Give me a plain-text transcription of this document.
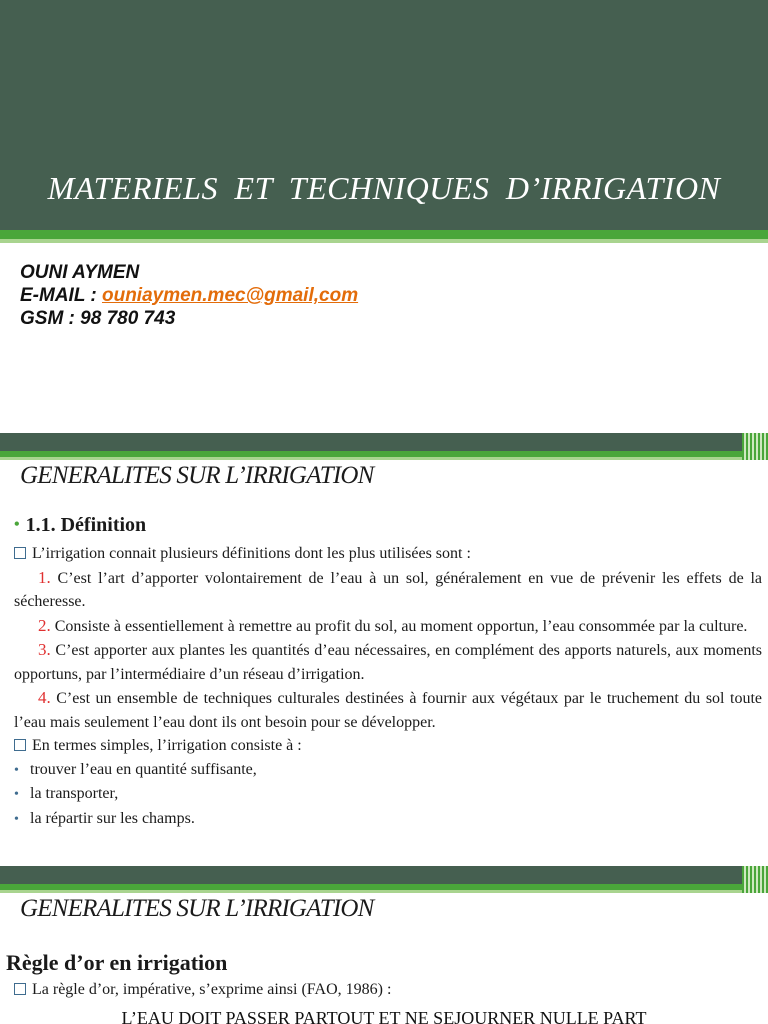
MATERIELS ET TECHNIQUES D’IRRIGATION
OUNI AYMEN
E-MAIL : ouniaymen.mec@gmail,com
GSM : 98 780 743
GENERALITES SUR L’IRRIGATION
• 1.1. Définition
L’irrigation connait plusieurs définitions dont les plus utilisées sont :
1. C’est l’art d’apporter volontairement de l’eau à un sol, généralement en vue de prévenir les effets de la sécheresse.
2. Consiste à essentiellement à remettre au profit du sol, au moment opportun, l’eau consommée par la culture.
3. C’est apporter aux plantes les quantités d’eau nécessaires, en complément des apports naturels, aux moments opportuns, par l’intermédiaire d’un réseau d’irrigation.
4. C’est un ensemble de techniques culturales destinées à fournir aux végétaux par le truchement du sol toute l’eau mais seulement l’eau dont ils ont besoin pour se développer.
En termes simples, l’irrigation consiste à :
• trouver l’eau en quantité suffisante,
• la transporter,
• la répartir sur les champs.
GENERALITES SUR L’IRRIGATION
Règle d’or en irrigation
La règle d’or, impérative, s’exprime ainsi (FAO, 1986) :
L’EAU DOIT PASSER PARTOUT ET NE SEJOURNER NULLE PART
